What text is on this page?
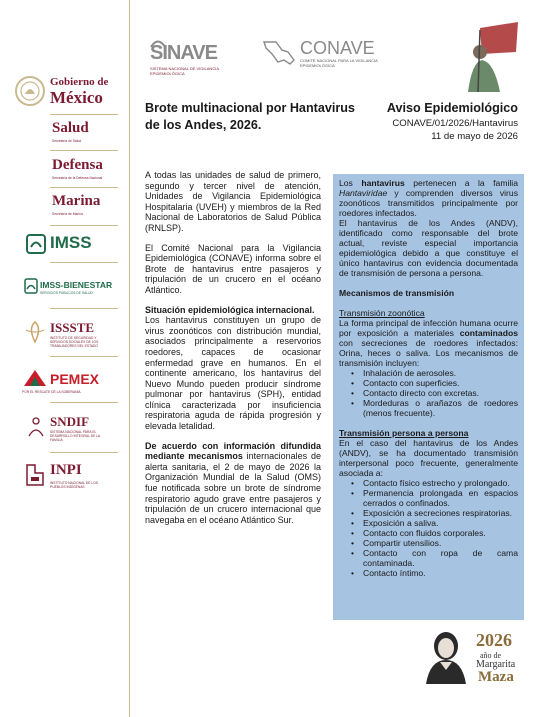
Gobierno de
México
Salud
Secretaría de Salud
Defensa
Secretaría de la Defensa Nacional
Marina
Secretaría de Marina
IMSS
IMSS-BIENESTAR
SERVICIOS PÚBLICOS DE SALUD
ISSSTE
INSTITUTO DE SEGURIDAD Y SERVICIOS SOCIALES DE LOS TRABAJADORES DEL ESTADO
PEMEX
POR EL RESCATE DE LA SOBERANÍA
SNDIF
SISTEMA NACIONAL PARA EL DESARROLLO INTEGRAL DE LA FAMILIA
INPI
INSTITUTO NACIONAL DE LOS PUEBLOS INDÍGENAS
SINAVE
SISTEMA NACIONAL DE VIGILANCIA EPIDEMIOLÓGICA
CONAVE
COMITÉ NACIONAL PARA LA VIGILANCIA EPIDEMIOLÓGICA
Brote multinacional por Hantavirus de los Andes, 2026.
Aviso Epidemiológico
CONAVE/01/2026/Hantavirus
11 de mayo de 2026

A todas las unidades de salud de primero, segundo y tercer nivel de atención, Unidades de Vigilancia Epidemiológica Hospitalaria (UVEH) y miembros de la Red Nacional de Laboratorios de Salud Pública (RNLSP).

El Comité Nacional para la Vigilancia Epidemiológica (CONAVE) informa sobre el Brote de hantavirus entre pasajeros y tripulación de un crucero en el océano Atlántico.

Situación epidemiológica internacional.
Los hantavirus constituyen un grupo de virus zoonóticos con distribución mundial, asociados principalmente a reservorios roedores, capaces de ocasionar enfermedad grave en humanos. En el continente americano, los hantavirus del Nuevo Mundo pueden producir síndrome pulmonar por hantavirus (SPH), entidad clínica caracterizada por insuficiencia respiratoria aguda de rápida progresión y elevada letalidad.

De acuerdo con información difundida mediante mecanismos internacionales de alerta sanitaria, el 2 de mayo de 2026 la Organización Mundial de la Salud (OMS) fue notificada sobre un brote de síndrome respiratorio agudo grave entre pasajeros y tripulación de un crucero internacional que navegaba en el océano Atlántico Sur.

Los hantavirus pertenecen a la familia Hantaviridae y comprenden diversos virus zoonóticos transmitidos principalmente por roedores infectados.

El hantavirus de los Andes (ANDV), identificado como responsable del brote actual, reviste especial importancia epidemiológica debido a que constituye el único hantavirus con evidencia documentada de transmisión de persona a persona.

Mecanismos de transmisión

Transmisión zoonótica
La forma principal de infección humana ocurre por exposición a materiales contaminados con secreciones de roedores infectados: Orina, heces o saliva. Los mecanismos de transmisión incluyen:

• Inhalación de aerosoles.
• Contacto con superficies.
• Contacto directo con excretas.
• Mordeduras o arañazos de roedores (menos frecuente).

Transmisión persona a persona
En el caso del hantavirus de los Andes (ANDV), se ha documentado transmisión interpersonal poco frecuente, generalmente asociada a:

• Contacto físico estrecho y prolongado.
• Permanencia prolongada en espacios cerrados o confinados.
• Exposición a secreciones respiratorias.
• Exposición a saliva.
• Contacto con fluidos corporales.
• Compartir utensilios.
• Contacto con ropa de cama contaminada.
• Contacto íntimo.
2026
año de
Margarita
Maza
